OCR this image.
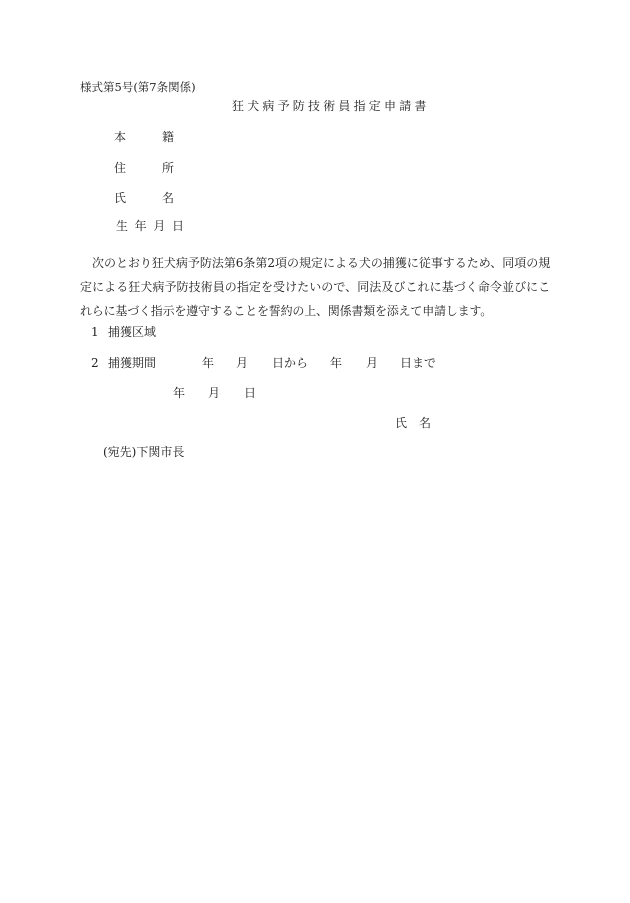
様式第5号(第7条関係)
狂犬病予防技術員指定申請書
本	籍
住	所
氏	名
生 年 月 日
次のとおり狂犬病予防法第6条第2項の規定による犬の捕獲に従事するため、同項の規定による狂犬病予防技術員の指定を受けたいので、同法及びこれに基づく命令並びにこれらに基づく指示を遵守することを誓約の上、関係書類を添えて申請します。
1 捕獲区域
2 捕獲期間	年 月 日から 年 月 日まで
年 月 日
氏 名
(宛先)下関市長
